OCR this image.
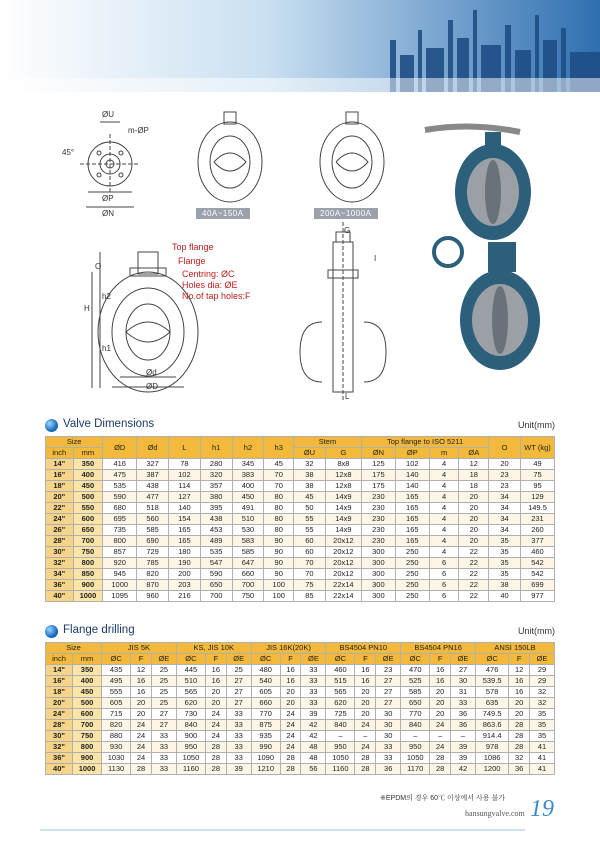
ØU
m-ØP
45°
ØP
ØN	40A~150A	200A~1000A
G
I
L
O
h2
H
h1
Ød
ØD
Top flange
Flange
Centring: ØC
Holes dia: ØE
No.of tap holes:F
Valve Dimensions	Unit(mm)
Size		ØD	Ød	L	h1	h2	h3	Stem		Top flange to ISO 5211				O	WT (kg)
inch	mm							ØU	G	ØN	ØP	m	ØA		
14"	350	416	327	78	280	345	45	32	8x8	125	102	4	12	20	49
16"	400	475	387	102	320	383	70	38	12x8	175	140	4	18	23	75
18"	450	535	438	114	357	400	70	38	12x8	175	140	4	18	23	95
20"	500	590	477	127	380	450	80	45	14x9	230	165	4	20	34	129
22"	550	680	518	140	395	491	80	50	14x9	230	165	4	20	34	149.5
24"	600	695	560	154	438	510	80	55	14x9	230	165	4	20	34	231
26"	650	735	585	165	453	530	80	55	14x9	230	165	4	20	34	260
28"	700	800	690	165	489	583	90	60	20x12	230	165	4	20	35	377
30"	750	857	729	180	535	585	90	60	20x12	300	250	4	22	35	460
32"	800	920	785	190	547	647	90	70	20x12	300	250	6	22	35	542
34"	850	945	820	200	590	660	90	70	20x12	300	250	6	22	35	542
36"	900	1000	870	203	650	700	100	75	22x14	300	250	6	22	38	699
40"	1000	1095	960	216	700	750	100	85	22x14	300	250	6	22	40	977
Flange drilling	Unit(mm)
Size		JIS 5K			KS, JIS 10K			JIS 16K(20K)			BS4504 PN10			BS4504 PN16			ANSI 150LB		
inch	mm	ØC	F	ØE	ØC	F	ØE	ØC	F	ØE	ØC	F	ØE	ØC	F	ØE	ØC	F	ØE
14"	350	435	12	25	445	16	25	480	16	33	460	16	23	470	16	27	476	12	29
16"	400	495	16	25	510	16	27	540	16	33	515	16	27	525	16	30	539.5	16	29
18"	450	555	16	25	565	20	27	605	20	33	565	20	27	585	20	31	578	16	32
20"	500	605	20	25	620	20	27	660	20	33	620	20	27	650	20	33	635	20	32
24"	600	715	20	27	730	24	33	770	24	39	725	20	30	770	20	36	749.5	20	35
28"	700	820	24	27	840	24	33	875	24	42	840	24	30	840	24	36	863.6	28	35
30"	750	880	24	33	900	24	33	935	24	42	–	–	30	–	–	–	914.4	28	35
32"	800	930	24	33	950	28	33	990	24	48	950	24	33	950	24	39	978	28	41
36"	900	1030	24	33	1050	28	33	1090	28	48	1050	28	33	1050	28	39	1086	32	41
40"	1000	1130	28	33	1160	28	39	1210	28	56	1160	28	36	1170	28	42	1200	36	41
※EPDM의 경우 60℃ 이상에서 사용 불가
hansungvalve.com 19
